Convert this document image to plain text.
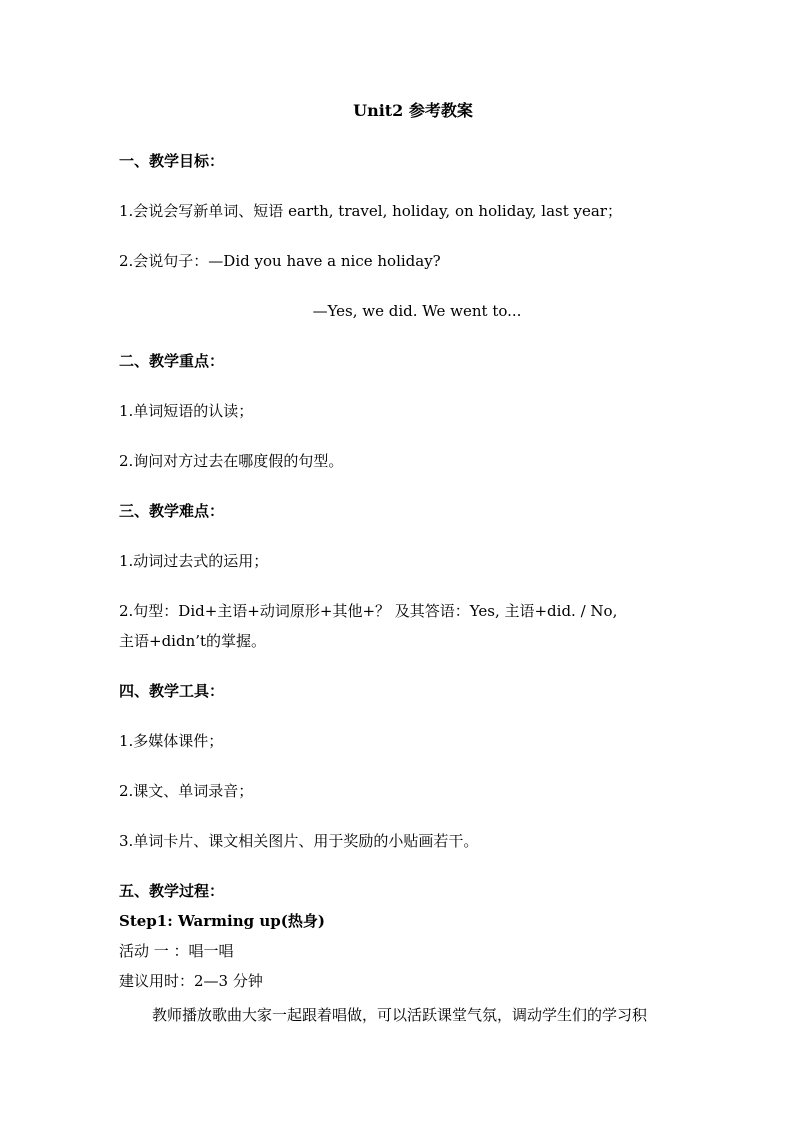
Unit2 参考教案
一、教学目标：
1.会说会写新单词、短语 earth, travel, holiday, on holiday, last year；
2.会说句子：—Did you have a nice holiday?
—Yes, we did. We went to...
二、教学重点：
1.单词短语的认读；
2.询问对方过去在哪度假的句型。
三、教学难点：
1.动词过去式的运用；
2.句型：Did+主语+动词原形+其他+？ 及其答语：Yes, 主语+did. / No,
主语+didn’t的掌握。
四、教学工具：
1.多媒体课件；
2.课文、单词录音；
3.单词卡片、课文相关图片、用于奖励的小贴画若干。
五、教学过程：
Step1: Warming up(热身)
活动 一 ：唱一唱
建议用时：2—3 分钟
教师播放歌曲大家一起跟着唱做，可以活跃课堂气氛，调动学生们的学习积
